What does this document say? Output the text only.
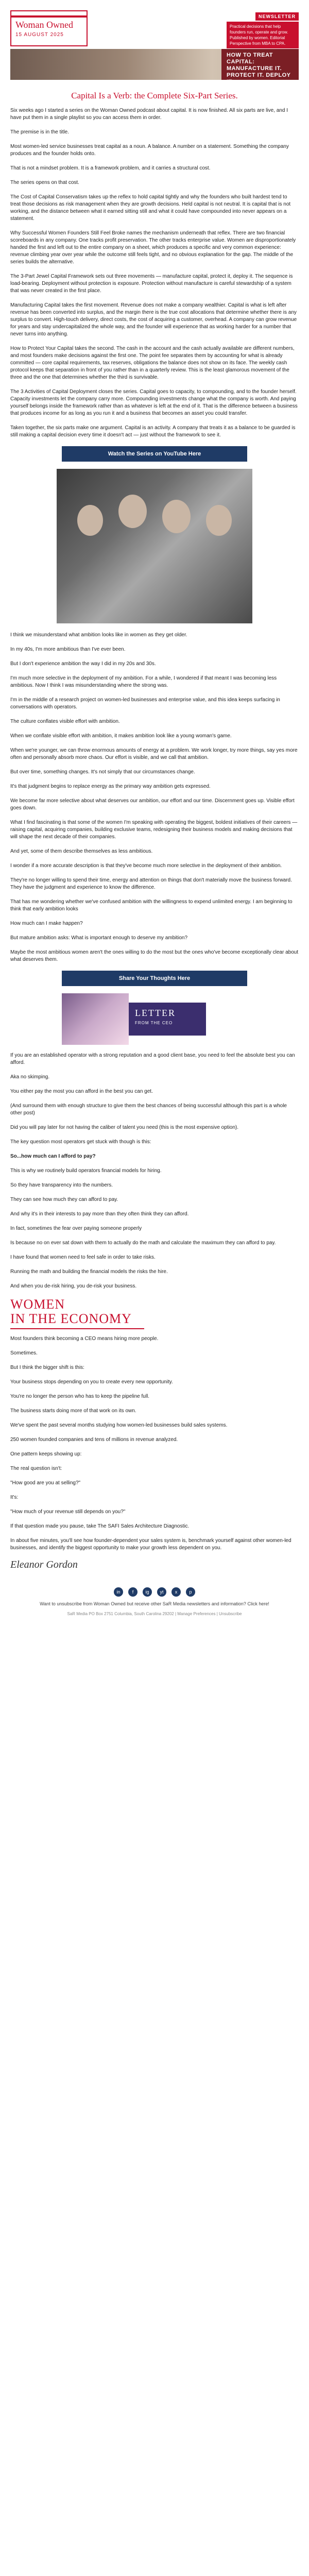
Woman Owned
15 AUGUST 2025
NEWSLETTER
Practical decisions that help founders run, operate and grow. Published by women. Editorial Perspective from MBA to CPA.
HOW TO TREAT CAPITAL: MANUFACTURE IT. PROTECT IT. DEPLOY IT.
Capital Is a Verb: the Complete Six-Part Series.

Six weeks ago I started a series on the Woman Owned podcast about capital. It is now finished. All six parts are live, and I have put them in a single playlist so you can access them in order.

The premise is in the title.

Most women-led service businesses treat capital as a noun. A balance. A number on a statement. Something the company produces and the founder holds onto.

That is not a mindset problem. It is a framework problem, and it carries a structural cost.

The series opens on that cost.

The Cost of Capital Conservatism takes up the reflex to hold capital tightly and why the founders who built hardest tend to treat those decisions as risk management when they are growth decisions. Held capital is not neutral. It is capital that is not working, and the distance between what it earned sitting still and what it could have compounded into never appears on a statement.

Why Successful Women Founders Still Feel Broke names the mechanism underneath that reflex. There are two financial scoreboards in any company. One tracks profit preservation. The other tracks enterprise value. Women are disproportionately handed the first and left out to the entire company on a sheet, which produces a specific and very common experience: revenue climbing year over year while the outcome still feels tight, and no obvious explanation for the gap. The middle of the series builds the alternative.

The 3-Part Jewel Capital Framework sets out three movements — manufacture capital, protect it, deploy it. The sequence is load-bearing. Deployment without protection is exposure. Protection without manufacture is careful stewardship of a system that was never created in the first place.

Manufacturing Capital takes the first movement. Revenue does not make a company wealthier. Capital is what is left after revenue has been converted into surplus, and the margin there is the true cost allocations that determine whether there is any surplus to convert. High-touch delivery, direct costs, the cost of acquiring a customer, overhead. A company can grow revenue for years and stay undercapitalized the whole way, and the founder will experience that as working harder for a number that never turns into anything.

How to Protect Your Capital takes the second. The cash in the account and the cash actually available are different numbers, and most founders make decisions against the first one. The point fee separates them by accounting for what is already committed — core capital requirements, tax reserves, obligations the balance does not show on its face. The weekly cash protocol keeps that separation in front of you rather than in a quarterly review. This is the least glamorous movement of the three and the one that determines whether the third is survivable.

The 3 Activities of Capital Deployment closes the series. Capital goes to capacity, to compounding, and to the founder herself. Capacity investments let the company carry more. Compounding investments change what the company is worth. And paying yourself belongs inside the framework rather than as whatever is left at the end of it. That is the difference between a business that produces income for as long as you run it and a business that becomes an asset you could transfer.

Taken together, the six parts make one argument. Capital is an activity. A company that treats it as a balance to be guarded is still making a capital decision every time it doesn't act — just without the framework to see it.

Watch the Series on YouTube Here

I think we misunderstand what ambition looks like in women as they get older.

In my 40s, I'm more ambitious than I've ever been.

But I don't experience ambition the way I did in my 20s and 30s.

I'm much more selective in the deployment of my ambition. For a while, I wondered if that meant I was becoming less ambitious. Now I think I was misunderstanding where the strong was.

I'm in the middle of a research project on women-led businesses and enterprise value, and this idea keeps surfacing in conversations with operators.

The culture conflates visible effort with ambition.

When we conflate visible effort with ambition, it makes ambition look like a young woman's game.

When we're younger, we can throw enormous amounts of energy at a problem. We work longer, try more things, say yes more often and personally absorb more chaos. Our effort is visible, and we call that ambition.

But over time, something changes. It's not simply that our circumstances change.

It's that judgment begins to replace energy as the primary way ambition gets expressed.

We become far more selective about what deserves our ambition, our effort and our time. Discernment goes up. Visible effort goes down.

What I find fascinating is that some of the women I'm speaking with operating the biggest, boldest initiatives of their careers — raising capital, acquiring companies, building exclusive teams, redesigning their business models and making decisions that will shape the next decade of their companies.

And yet, some of them describe themselves as less ambitious.

I wonder if a more accurate description is that they've become much more selective in the deployment of their ambition.

They're no longer willing to spend their time, energy and attention on things that don't materially move the business forward. They have the judgment and experience to know the difference.

That has me wondering whether we've confused ambition with the willingness to expend unlimited energy. I am beginning to think that early ambition looks

How much can I make happen?

But mature ambition asks: What is important enough to deserve my ambition?

Maybe the most ambitious women aren't the ones willing to do the most but the ones who've become exceptionally clear about what deserves them.

Share Your Thoughts Here
LETTER
FROM THE CEO

If you are an established operator with a strong reputation and a good client base, you need to feel the absolute best you can afford.

Aka no skimping.

You either pay the most you can afford in the best you can get.

(And surround them with enough structure to give them the best chances of being successful although this part is a whole other post)

Did you will pay later for not having the caliber of talent you need (this is the most expensive option).

The key question most operators get stuck with though is this:

So...how much can I afford to pay?

This is why we routinely build operators financial models for hiring.

So they have transparency into the numbers.

They can see how much they can afford to pay.

And why it's in their interests to pay more than they often think they can afford.

In fact, sometimes the fear over paying someone properly

Is because no on ever sat down with them to actually do the math and calculate the maximum they can afford to pay.

I have found that women need to feel safe in order to take risks.

Running the math and building the financial models the risks the hire.

And when you de-risk hiring, you de-risk your business.

WOMEN
IN THE ECONOMY

Most founders think becoming a CEO means hiring more people.

Sometimes.

But I think the bigger shift is this:

Your business stops depending on you to create every new opportunity.

You're no longer the person who has to keep the pipeline full.

The business starts doing more of that work on its own.

We've spent the past several months studying how women-led businesses build sales systems.

250 women founded companies and tens of millions in revenue analyzed.

One pattern keeps showing up:

The real question isn't:

"How good are you at selling?"

It's:

"How much of your revenue still depends on you?"

If that question made you pause, take The SAFI Sales Architecture Diagnostic.

In about five minutes, you'll see how founder-dependent your sales system is, benchmark yourself against other women-led businesses, and identify the biggest opportunity to make your growth less dependent on you.

Eleanor Gordon
in	f	ig	yt	x	p
Want to unsubscribe from Woman Owned but receive other SaR Media newsletters and information? Click here!
SaR Media PO Box 2751 Columbia, South Carolina 29202 | Manage Preferences | Unsubscribe
